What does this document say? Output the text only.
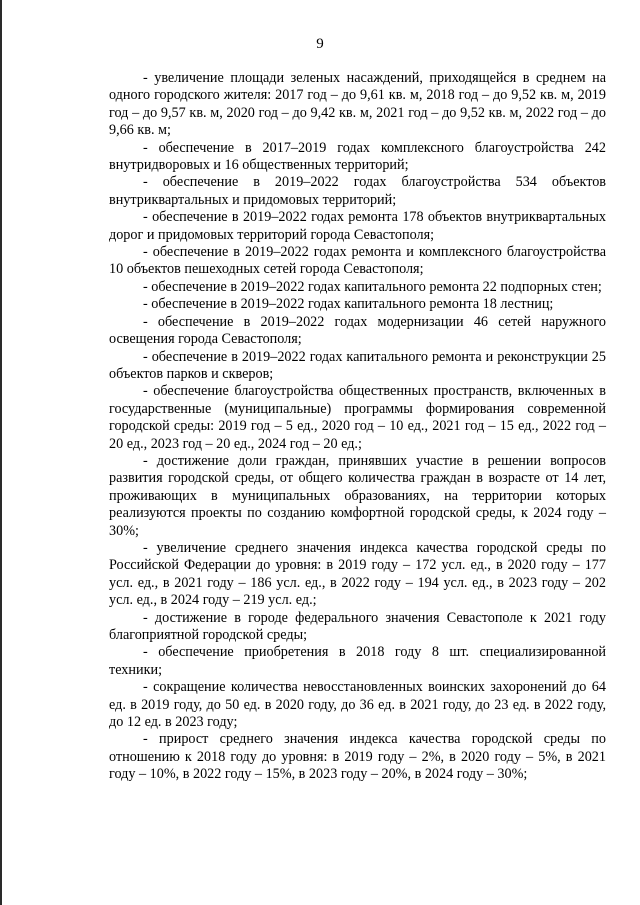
9

- увеличение площади зеленых насаждений, приходящейся в среднем на одного городского жителя: 2017 год – до 9,61 кв. м, 2018 год – до 9,52 кв. м, 2019 год – до 9,57 кв. м, 2020 год – до 9,42 кв. м, 2021 год – до 9,52 кв. м, 2022 год – до 9,66 кв. м;

- обеспечение в 2017–2019 годах комплексного благоустройства 242 внутридворовых и 16 общественных территорий;

- обеспечение в 2019–2022 годах благоустройства 534 объектов внутриквартальных и придомовых территорий;

- обеспечение в 2019–2022 годах ремонта 178 объектов внутриквартальных дорог и придомовых территорий города Севастополя;

- обеспечение в 2019–2022 годах ремонта и комплексного благоустройства 10 объектов пешеходных сетей города Севастополя;

- обеспечение в 2019–2022 годах капитального ремонта 22 подпорных стен;

- обеспечение в 2019–2022 годах капитального ремонта 18 лестниц;

- обеспечение в 2019–2022 годах модернизации 46 сетей наружного освещения города Севастополя;

- обеспечение в 2019–2022 годах капитального ремонта и реконструкции 25 объектов парков и скверов;

- обеспечение благоустройства общественных пространств, включенных в государственные (муниципальные) программы формирования современной городской среды: 2019 год – 5 ед., 2020 год – 10 ед., 2021 год – 15 ед., 2022 год – 20 ед., 2023 год – 20 ед., 2024 год – 20 ед.;

- достижение доли граждан, принявших участие в решении вопросов развития городской среды, от общего количества граждан в возрасте от 14 лет, проживающих в муниципальных образованиях, на территории которых реализуются проекты по созданию комфортной городской среды, к 2024 году – 30%;

- увеличение среднего значения индекса качества городской среды по Российской Федерации до уровня: в 2019 году – 172 усл. ед., в 2020 году – 177 усл. ед., в 2021 году – 186 усл. ед., в 2022 году – 194 усл. ед., в 2023 году – 202 усл. ед., в 2024 году – 219 усл. ед.;

- достижение в городе федерального значения Севастополе к 2021 году благоприятной городской среды;

- обеспечение приобретения в 2018 году 8 шт. специализированной техники;

- сокращение количества невосстановленных воинских захоронений до 64 ед. в 2019 году, до 50 ед. в 2020 году, до 36 ед. в 2021 году, до 23 ед. в 2022 году, до 12 ед. в 2023 году;

- прирост среднего значения индекса качества городской среды по отношению к 2018 году до уровня: в 2019 году – 2%, в 2020 году – 5%, в 2021 году – 10%, в 2022 году – 15%, в 2023 году – 20%, в 2024 году – 30%;
